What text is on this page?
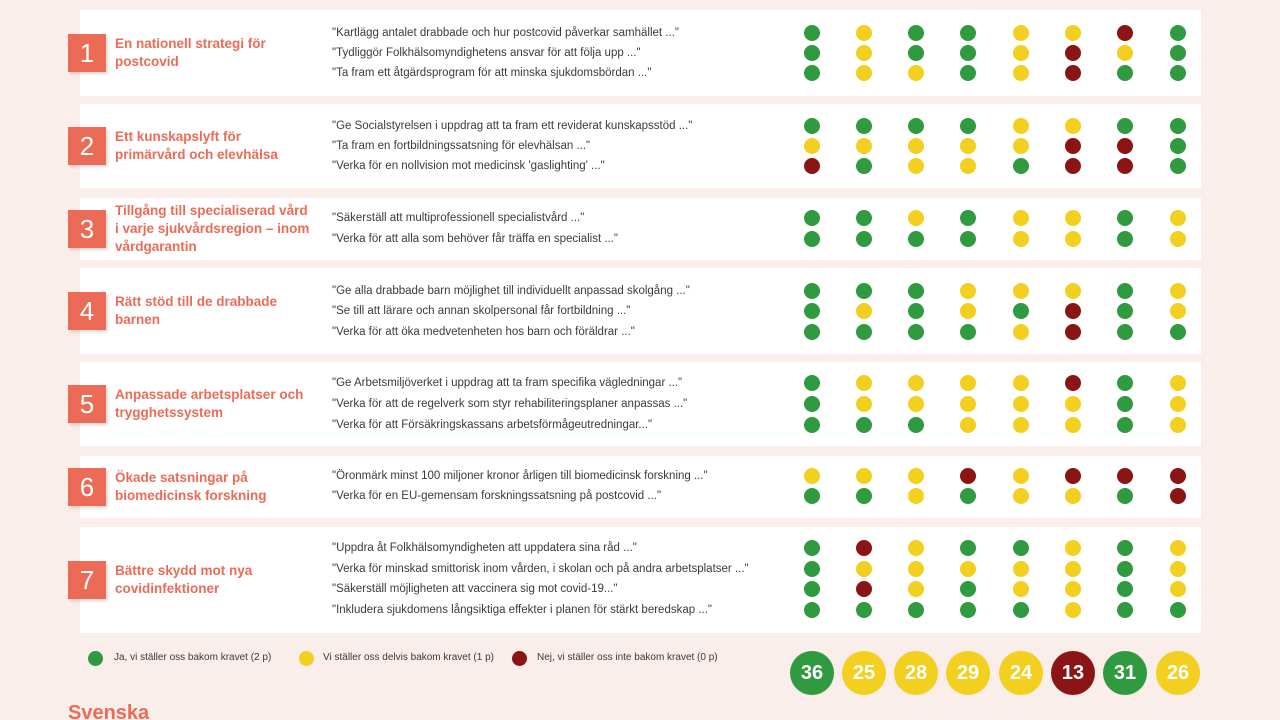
1	En nationell strategi för postcovid
"Kartlägg antalet drabbade och hur postcovid påverkar samhället ..."
"Tydliggör Folkhälsomyndighetens ansvar för att följa upp ..."
"Ta fram ett åtgärdsprogram för att minska sjukdomsbördan ..."
2	Ett kunskapslyft för primärvård och elevhälsa
"Ge Socialstyrelsen i uppdrag att ta fram ett reviderat kunskapsstöd ..."
"Ta fram en fortbildningssatsning för elevhälsan ..."
"Verka för en nollvision mot medicinsk 'gaslighting' ..."
3
Tillgång till specialiserad vård i varje sjukvårdsregion – inom vårdgarantin
"Säkerställ att multiprofessionell specialistvård ..."
"Verka för att alla som behöver får träffa en specialist ..."
4	Rätt stöd till de drabbade barnen
"Ge alla drabbade barn möjlighet till individuellt anpassad skolgång ..."
"Se till att lärare och annan skolpersonal får fortbildning ..."
"Verka för att öka medvetenheten hos barn och föräldrar ..."
5	Anpassade arbetsplatser och trygghetssystem
"Ge Arbetsmiljöverket i uppdrag att ta fram specifika vägledningar ..."
"Verka för att de regelverk som styr rehabiliteringsplaner anpassas ..."
"Verka för att Försäkringskassans arbetsförmågeutredningar..."
6	Ökade satsningar på biomedicinsk forskning
"Öronmärk minst 100 miljoner kronor årligen till biomedicinsk forskning ..."
"Verka för en EU-gemensam forskningssatsning på postcovid ..."
7	Bättre skydd mot nya covidinfektioner
"Uppdra åt Folkhälsomyndigheten att uppdatera sina råd ..."
"Verka för minskad smittorisk inom vården, i skolan och på andra arbetsplatser ..."
"Säkerställ möjligheten att vaccinera sig mot covid-19..."
"Inkludera sjukdomens långsiktiga effekter i planen för stärkt beredskap ..."
Ja, vi ställer oss bakom kravet (2 p)	Vi ställer oss delvis bakom kravet (1 p)	Nej, vi ställer oss inte bakom kravet (0 p)
36	25	28	29	24	13	31	26
Svenska
